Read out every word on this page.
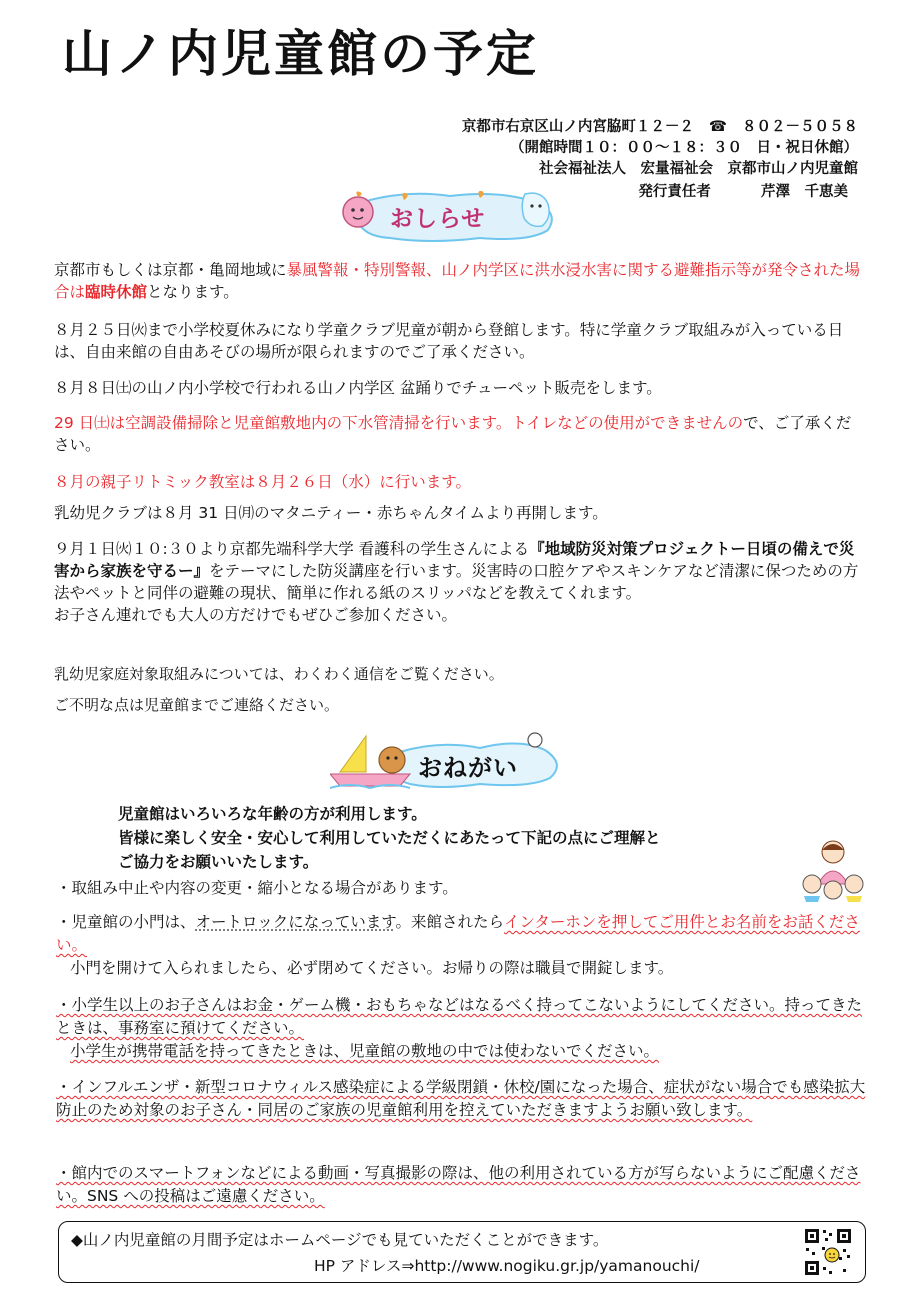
山ノ内児童館の予定
京都市右京区山ノ内宮脇町１２－２ ☎ ８０２－５０５８
（開館時間１０：００～１８：３０　日・祝日休館）
社会福祉法人　宏量福祉会　京都市山ノ内児童館
発行責任者	芹澤　千恵美
おしらせ
京都市もしくは京都・亀岡地域に暴風警報・特別警報、山ノ内学区に洪水浸水害に関する避難指示等が発令された場合は臨時休館となります。
８月２５日㈫まで小学校夏休みになり学童クラブ児童が朝から登館します。特に学童クラブ取組みが入っている日は、自由来館の自由あそびの場所が限られますのでご了承ください。
８月８日㈯の山ノ内小学校で行われる山ノ内学区 盆踊りでチューペット販売をします。
29 日㈯は空調設備掃除と児童館敷地内の下水管清掃を行います。トイレなどの使用ができませんので、ご了承ください。
８月の親子リトミック教室は８月２６日（水）に行います。
乳幼児クラブは８月 31 日㈪のマタニティー・赤ちゃんタイムより再開します。
９月１日㈫１０:３０より京都先端科学大学 看護科の学生さんによる『地域防災対策プロジェクトー日頃の備えで災害から家族を守るー』をテーマにした防災講座を行います。災害時の口腔ケアやスキンケアなど清潔に保つための方法やペットと同伴の避難の現状、簡単に作れる紙のスリッパなどを教えてくれます。
お子さん連れでも大人の方だけでもぜひご参加ください。
乳幼児家庭対象取組みについては、わくわく通信をご覧ください。
ご不明な点は児童館までご連絡ください。
おねがい
児童館はいろいろな年齢の方が利用します。
皆様に楽しく安全・安心して利用していただくにあたって下記の点にご理解と
ご協力をお願いいたします。
・取組み中止や内容の変更・縮小となる場合があります。
・児童館の小門は、オートロックになっています。来館されたらインターホンを押してご用件とお名前をお話ください。
小門を開けて入られましたら、必ず閉めてください。お帰りの際は職員で開錠します。
・小学生以上のお子さんはお金・ゲーム機・おもちゃなどはなるべく持ってこないようにしてください。持ってきたときは、事務室に預けてください。
小学生が携帯電話を持ってきたときは、児童館の敷地の中では使わないでください。
・インフルエンザ・新型コロナウィルス感染症による学級閉鎖・休校/園になった場合、症状がない場合でも感染拡大防止のため対象のお子さん・同居のご家族の児童館利用を控えていただきますようお願い致します。
・館内でのスマートフォンなどによる動画・写真撮影の際は、他の利用されている方が写らないようにご配慮ください。SNS への投稿はご遠慮ください。
◆山ノ内児童館の月間予定はホームページでも見ていただくことができます。
HP アドレス⇒http://www.nogiku.gr.jp/yamanouchi/
